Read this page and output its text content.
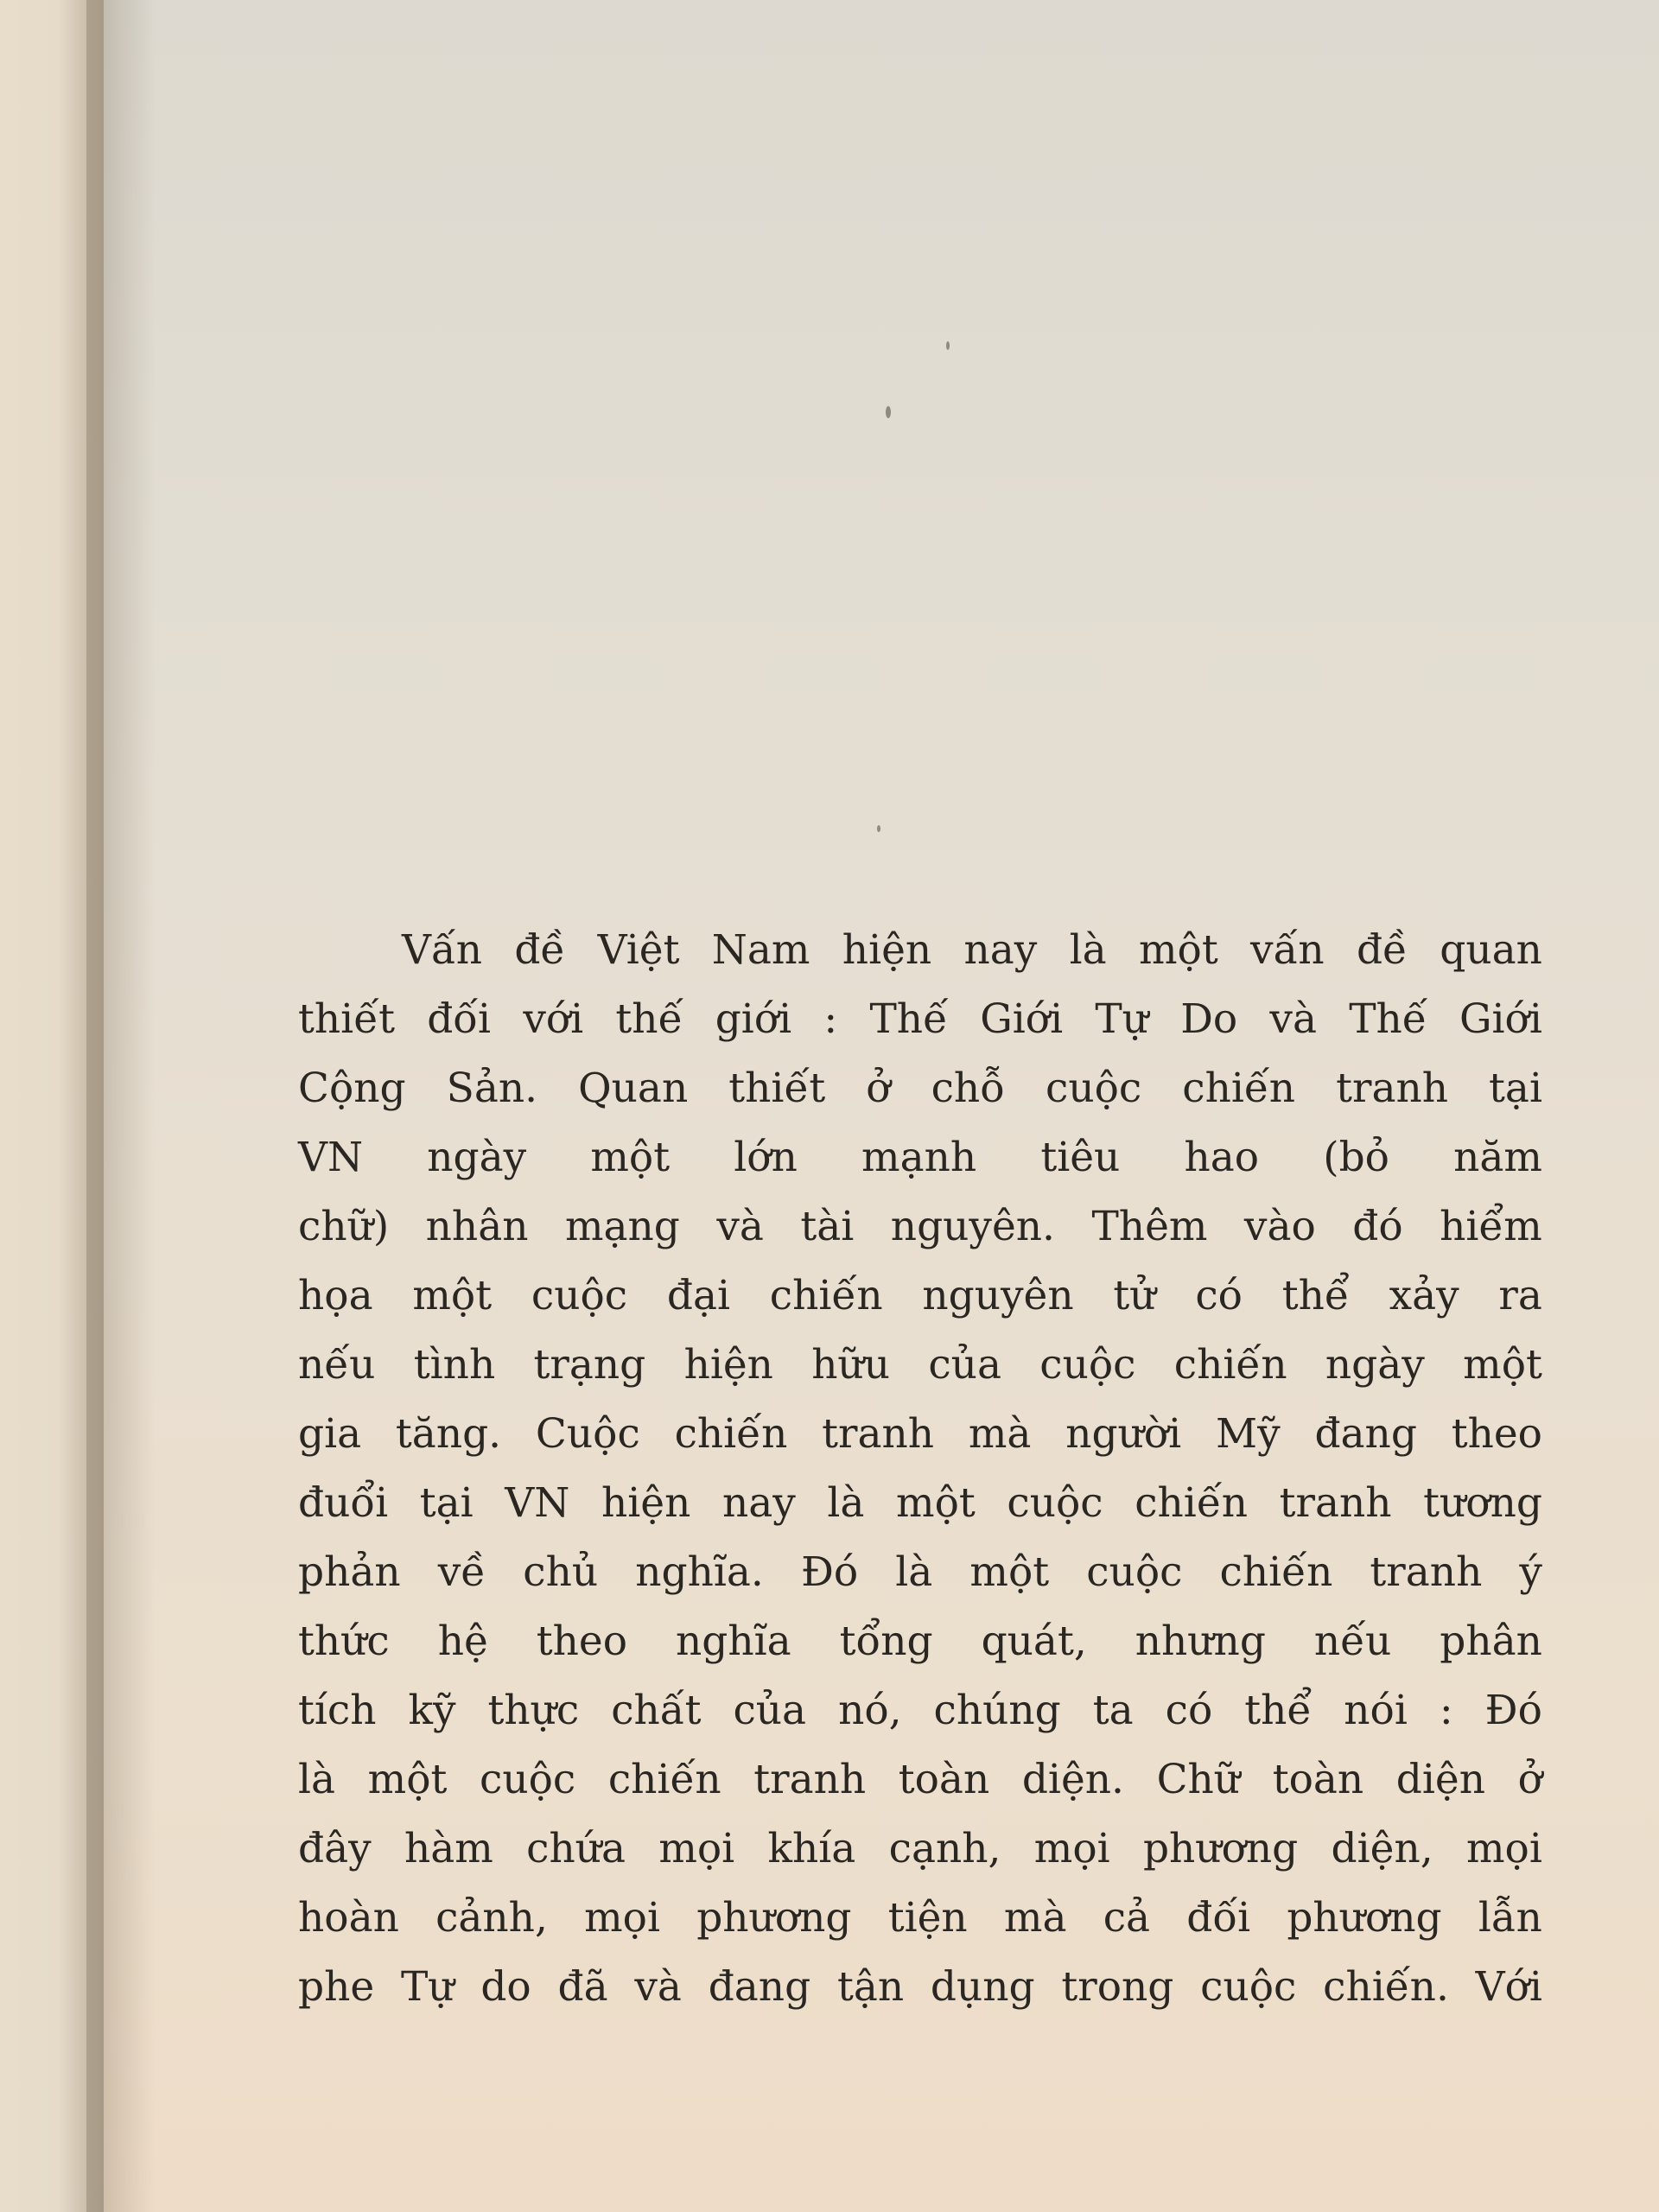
Vấn đề Việt Nam hiện nay là một vấn đề quan
thiết đối với thế giới : Thế Giới Tự Do và Thế Giới
Cộng Sản. Quan thiết ở chỗ cuộc chiến tranh tại
VN ngày một lớn mạnh tiêu hao (bỏ năm
chữ) nhân mạng và tài nguyên. Thêm vào đó hiểm
họa một cuộc đại chiến nguyên tử có thể xảy ra
nếu tình trạng hiện hữu của cuộc chiến ngày một
gia tăng. Cuộc chiến tranh mà người Mỹ đang theo
đuổi tại VN hiện nay là một cuộc chiến tranh tương
phản về chủ nghĩa. Đó là một cuộc chiến tranh ý
thức hệ theo nghĩa tổng quát, nhưng nếu phân
tích kỹ thực chất của nó, chúng ta có thể nói : Đó
là một cuộc chiến tranh toàn diện. Chữ toàn diện ở
đây hàm chứa mọi khía cạnh, mọi phương diện, mọi
hoàn cảnh, mọi phương tiện mà cả đối phương lẫn
phe Tự do đã và đang tận dụng trong cuộc chiến. Với
